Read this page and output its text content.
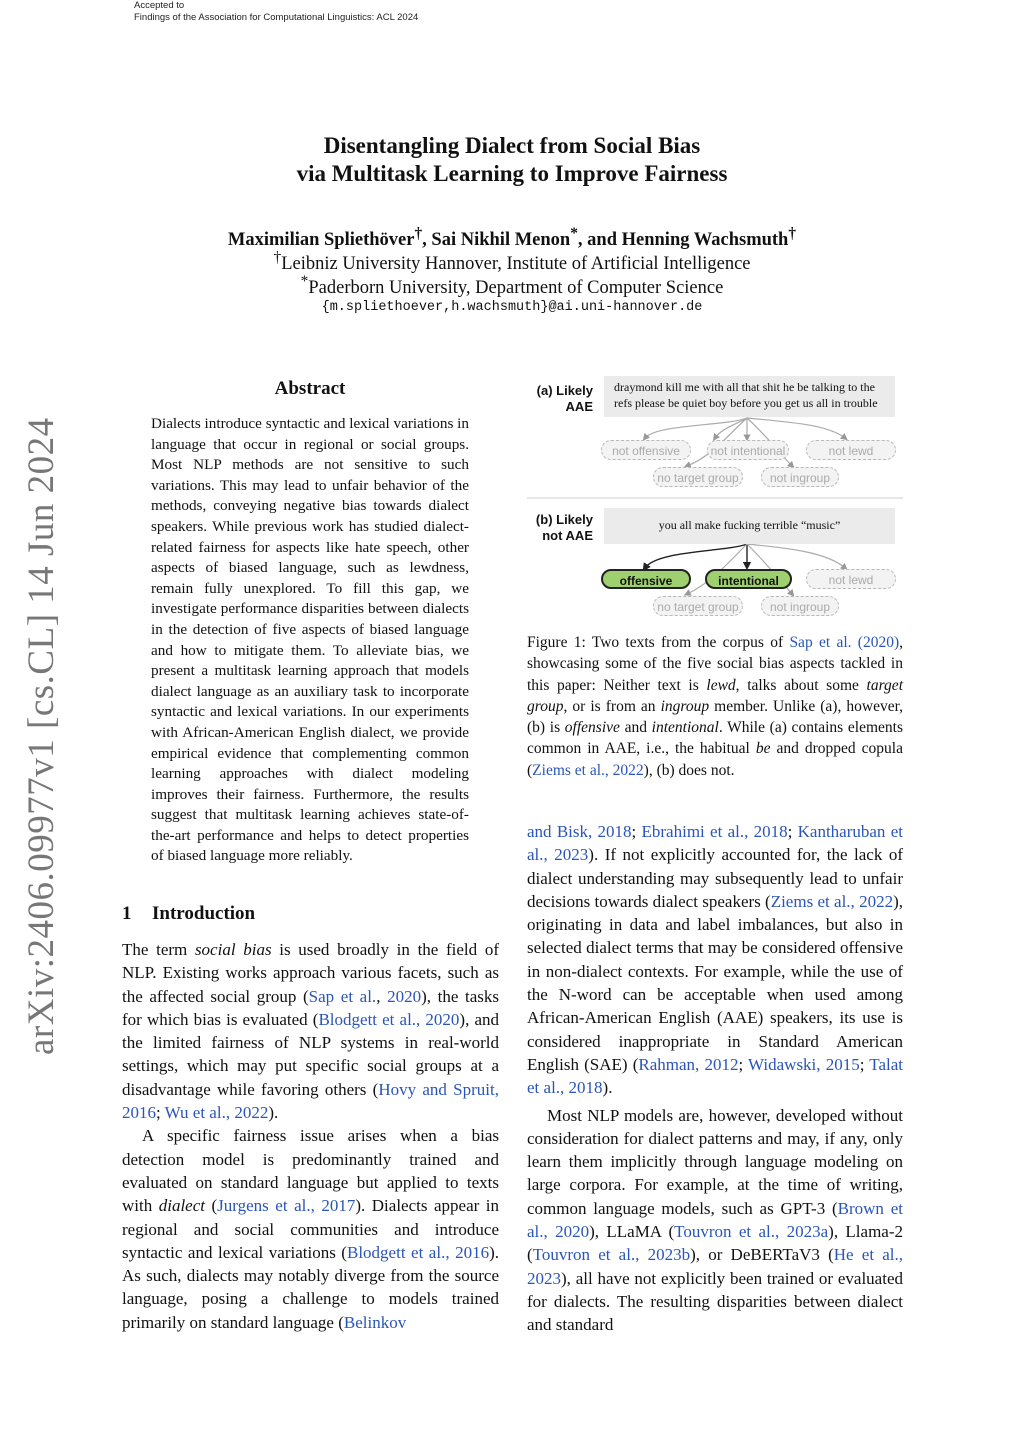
Accepted to
Findings of the Association for Computational Linguistics: ACL 2024
arXiv:2406.09977v1 [cs.CL] 14 Jun 2024
Disentangling Dialect from Social Bias
via Multitask Learning to Improve Fairness
Maximilian Spliethöver†, Sai Nikhil Menon*, and Henning Wachsmuth†
†Leibniz University Hannover, Institute of Artificial Intelligence
*Paderborn University, Department of Computer Science
{m.spliethoever,h.wachsmuth}@ai.uni-hannover.de
Abstract
Dialects introduce syntactic and lexical variations in language that occur in regional or social groups. Most NLP methods are not sensitive to such variations. This may lead to unfair behavior of the methods, conveying negative bias towards dialect speakers. While previous work has studied dialect-related fairness for aspects like hate speech, other aspects of biased language, such as lewdness, remain fully unexplored. To fill this gap, we investigate performance disparities between dialects in the detection of five aspects of biased language and how to mitigate them. To alleviate bias, we present a multitask learning approach that models dialect language as an auxiliary task to incorporate syntactic and lexical variations. In our experiments with African-American English dialect, we provide empirical evidence that complementing common learning approaches with dialect modeling improves their fairness. Furthermore, the results suggest that multitask learning achieves state-of-the-art performance and helps to detect properties of biased language more reliably.
1 Introduction

The term social bias is used broadly in the field of NLP. Existing works approach various facets, such as the affected social group (Sap et al., 2020), the tasks for which bias is evaluated (Blodgett et al., 2020), and the limited fairness of NLP systems in real-world settings, which may put specific social groups at a disadvantage while favoring others (Hovy and Spruit, 2016; Wu et al., 2022).

A specific fairness issue arises when a bias detection model is predominantly trained and evaluated on standard language but applied to texts with dialect (Jurgens et al., 2017). Dialects appear in regional and social communities and introduce syntactic and lexical variations (Blodgett et al., 2016). As such, dialects may notably diverge from the source language, posing a challenge to models trained primarily on standard language (Belinkov

(a) Likely
AAE
draymond kill me with all that shit he be talking to the refs please be quiet boy before you get us all in trouble
not offensive	not intentional	not lewd
no target group	not ingroup
(b) Likely
not AAE
you all make fucking terrible “music”
offensive	intentional	not lewd
no target group	not ingroup
Figure 1: Two texts from the corpus of Sap et al. (2020), showcasing some of the five social bias aspects tackled in this paper: Neither text is lewd, talks about some target group, or is from an ingroup member. Unlike (a), however, (b) is offensive and intentional. While (a) contains elements common in AAE, i.e., the habitual be and dropped copula (Ziems et al., 2022), (b) does not.

and Bisk, 2018; Ebrahimi et al., 2018; Kantharuban et al., 2023). If not explicitly accounted for, the lack of dialect understanding may subsequently lead to unfair decisions towards dialect speakers (Ziems et al., 2022), originating in data and label imbalances, but also in selected dialect terms that may be considered offensive in non-dialect contexts. For example, while the use of the N-word can be acceptable when used among African-American English (AAE) speakers, its use is considered inappropriate in Standard American English (SAE) (Rahman, 2012; Widawski, 2015; Talat et al., 2018).

Most NLP models are, however, developed without consideration for dialect patterns and may, if any, only learn them implicitly through language modeling on large corpora. For example, at the time of writing, common language models, such as GPT-3 (Brown et al., 2020), LLaMA (Touvron et al., 2023a), Llama-2 (Touvron et al., 2023b), or DeBERTaV3 (He et al., 2023), all have not explicitly been trained or evaluated for dialects. The resulting disparities between dialect and standard
